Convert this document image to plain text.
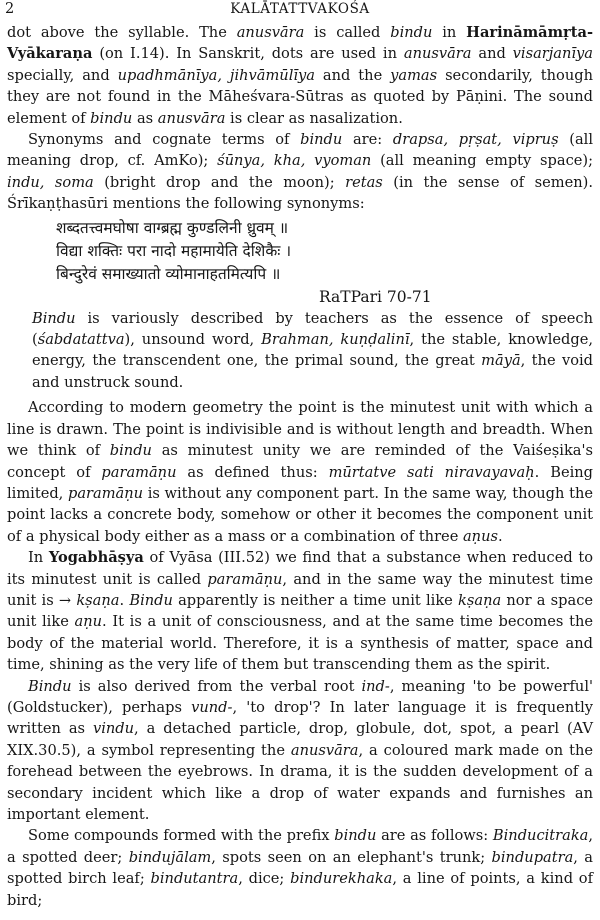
2	KALĀTATTVAKOŚA

dot above the syllable. The anusvāra is called bindu in Harināmāmṛta-Vyākaraṇa (on I.14). In Sanskrit, dots are used in anusvāra and visarjanīya specially, and upadhmānīya, jihvāmūlīya and the yamas secondarily, though they are not found in the Māheśvara-Sūtras as quoted by Pāṇini. The sound element of bindu as anusvāra is clear as nasalization.

Synonyms and cognate terms of bindu are: drapsa, pṛṣat, vipruṣ (all meaning drop, cf. AmKo); śūnya, kha, vyoman (all meaning empty space); indu, soma (bright drop and the moon); retas (in the sense of semen). Śrīkaṇṭhasūri mentions the following synonyms:

शब्दतत्त्वमघोषा वाग्ब्रह्म कुण्डलिनी ध्रुवम् ॥
विद्या शक्तिः परा नादो महामायेति देशिकैः ।
बिन्दुरेवं समाख्यातो व्योमानाहतमित्यपि ॥
RaTPari 70-71

Bindu is variously described by teachers as the essence of speech (śabdatattva), unsound word, Brahman, kuṇḍalinī, the stable, knowledge, energy, the transcendent one, the primal sound, the great māyā, the void and unstruck sound.

According to modern geometry the point is the minutest unit with which a line is drawn. The point is indivisible and is without length and breadth. When we think of bindu as minutest unity we are reminded of the Vaiśeṣika's concept of paramāṇu as defined thus: mūrtatve sati niravayavaḥ. Being limited, paramāṇu is without any component part. In the same way, though the point lacks a concrete body, somehow or other it becomes the component unit of a physical body either as a mass or a combination of three aṇus.

In Yogabhāṣya of Vyāsa (III.52) we find that a substance when reduced to its minutest unit is called paramāṇu, and in the same way the minutest time unit is → kṣaṇa. Bindu apparently is neither a time unit like kṣaṇa nor a space unit like aṇu. It is a unit of consciousness, and at the same time becomes the body of the material world. Therefore, it is a synthesis of matter, space and time, shining as the very life of them but transcending them as the spirit.

Bindu is also derived from the verbal root ind-, meaning 'to be powerful' (Goldstucker), perhaps vund-, 'to drop'? In later language it is frequently written as vindu, a detached particle, drop, globule, dot, spot, a pearl (AV XIX.30.5), a symbol representing the anusvāra, a coloured mark made on the forehead between the eyebrows. In drama, it is the sudden development of a secondary incident which like a drop of water expands and furnishes an important element.

Some compounds formed with the prefix bindu are as follows: Binducitraka, a spotted deer; bindujālam, spots seen on an elephant's trunk; bindupatra, a spotted birch leaf; bindutantra, dice; bindurekhaka, a line of points, a kind of bird;
